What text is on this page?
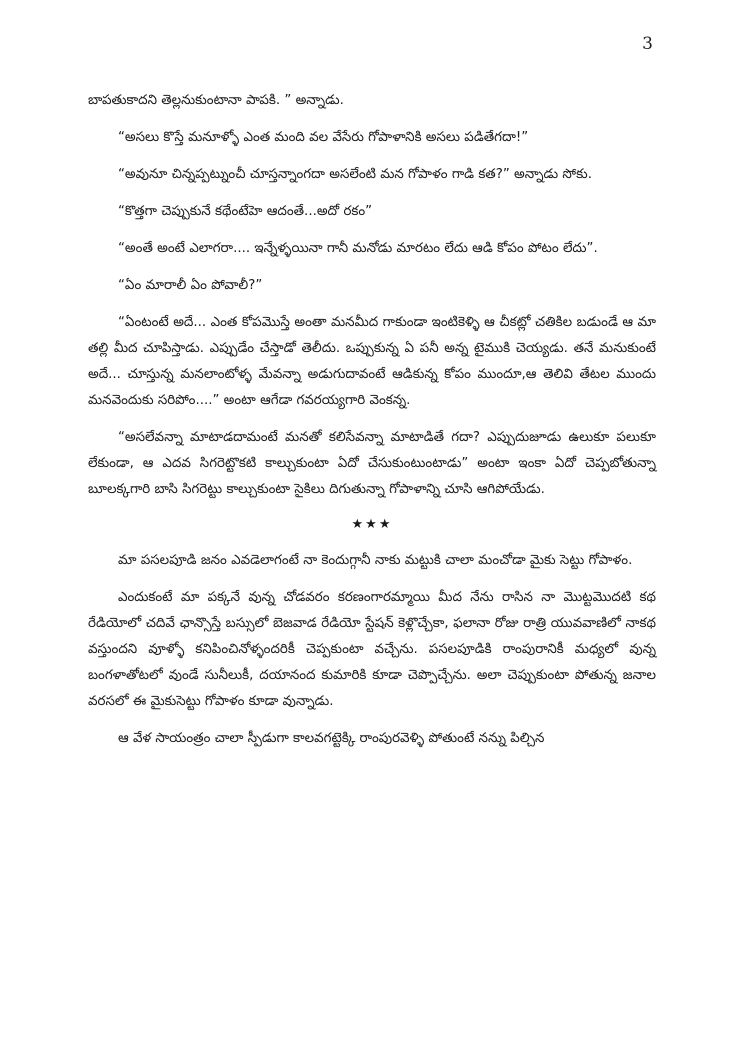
3

బాపతుకాదని తెల్లనుకుంటానా పాపకి. ” అన్నాడు.

“అసలు కొస్తే మనూళ్ళో ఎంత మంది వల వేసేరు గోపాళానికి అసలు పడితేగదా!”

“అవునూ చిన్నప్పట్నుంచీ చూస్తన్నాంగదా అసలేంటి మన గోపాళం గాడి కత?” అన్నాడు సోకు.

“కొత్తగా చెప్పుకునే కథేంటేహె ఆదంతే...అదో రకం”

“అంతే అంటే ఎలాగరా.... ఇన్నేళ్ళయినా గానీ మనోడు మారటం లేదు ఆడి కోపం పోటం లేదు”.

“ఏం మారాలీ ఏం పోవాలీ?”

“ఏంటంటే అదే... ఎంత కోపమొస్తే అంతా మనమీద గాకుండా ఇంటికెళ్ళి ఆ చీకట్లో చతికిల బడుండే ఆ మా తల్లి మీద చూపిస్తాడు. ఎప్పుడేం చేస్తాడో తెలీదు. ఒప్పుకున్న ఏ పనీ అన్న టైముకి చెయ్యడు. తనే మనుకుంటే అదే... చూస్తున్న మనలాంటోళ్ళ మేవన్నా అడుగుదావంటే ఆడికున్న కోపం ముందూ,ఆ తెలివి తేటల ముందు మనవెందుకు సరిపోం....” అంటా ఆగేడా గవరయ్యగారి వెంకన్న.

“అసలేవన్నా మాటాడదామంటే మనతో కలిసేవన్నా మాటాడితే గదా? ఎప్పుదుజూడు ఉలుకూ పలుకూ లేకుండా, ఆ ఎదవ సిగరెట్టొకటి కాల్చుకుంటా ఏదో చేసుకుంటుంటాడు” అంటా ఇంకా ఏదో చెప్పబోతున్నా బూలక్కగారి బాసి సిగరెట్టు కాల్చుకుంటా సైకిలు దిగుతున్నా గోపాళాన్ని చూసి ఆగిపోయేడు.

★★★

మా పసలపూడి జనం ఎవడెలాగంటే నా కెందుగ్గానీ నాకు మట్టుకి చాలా మంచోడా మైకు సెట్టు గోపాళం.

ఎందుకంటే మా పక్కనే వున్న చోడవరం కరణంగారమ్మాయి మీద నేను రాసిన నా మొట్టమొదటి కథ రేడియోలో చదివే ఛాన్సొస్తే బస్సులో బెజవాడ రేడియో స్టేషన్ కెళ్లొచ్చేకా, ఫలానా రోజు రాత్రి యువవాణిలో నాకథ వస్తుందని వూళ్ళో కనిపించినోళ్ళందరికీ చెప్పకుంటా వచ్చేను. పసలపూడికి రాంపురానికీ మధ్యలో వున్న బంగళాతోటలో వుండే సునీలుకీ, దయానంద కుమారికి కూడా చెప్పొచ్చేను. అలా చెప్పుకుంటా పోతున్న జనాల వరసలో ఈ మైకుసెట్టు గోపాళం కూడా వున్నాడు.

ఆ వేళ సాయంత్రం చాలా స్పీడుగా కాలవగట్టెక్కి రాంపురవెళ్ళి పోతుంటే నన్ను పిల్చిన
